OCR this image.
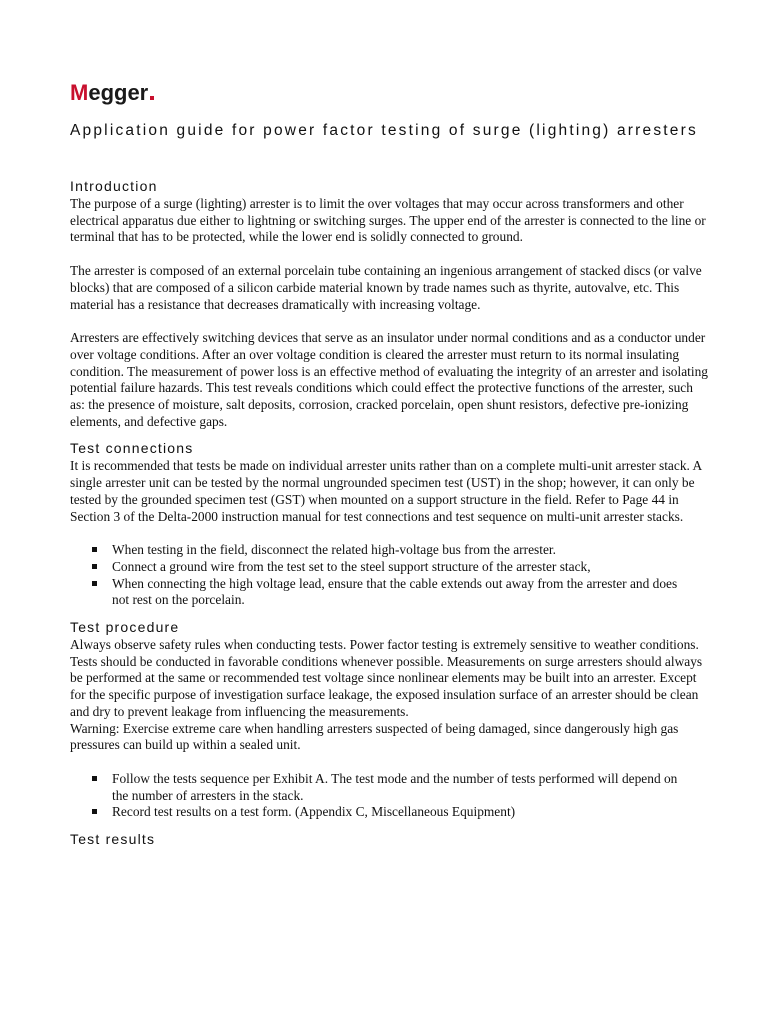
Megger
Application guide for power factor testing of surge (lighting) arresters
Introduction

The purpose of a surge (lighting) arrester is to limit the over voltages that may occur across transformers and other electrical apparatus due either to lightning or switching surges. The upper end of the arrester is connected to the line or terminal that has to be protected, while the lower end is solidly connected to ground.

The arrester is composed of an external porcelain tube containing an ingenious arrangement of stacked discs (or valve blocks) that are composed of a silicon carbide material known by trade names such as thyrite, autovalve, etc. This material has a resistance that decreases dramatically with increasing voltage.

Arresters are effectively switching devices that serve as an insulator under normal conditions and as a conductor under over voltage conditions. After an over voltage condition is cleared the arrester must return to its normal insulating condition. The measurement of power loss is an effective method of evaluating the integrity of an arrester and isolating potential failure hazards. This test reveals conditions which could effect the protective functions of the arrester, such as: the presence of moisture, salt deposits, corrosion, cracked porcelain, open shunt resistors, defective pre-ionizing elements, and defective gaps.

Test connections

It is recommended that tests be made on individual arrester units rather than on a complete multi-unit arrester stack. A single arrester unit can be tested by the normal ungrounded specimen test (UST) in the shop; however, it can only be tested by the grounded specimen test (GST) when mounted on a support structure in the field. Refer to Page 44 in Section 3 of the Delta-2000 instruction manual for test connections and test sequence on multi-unit arrester stacks.

When testing in the field, disconnect the related high-voltage bus from the arrester.
Connect a ground wire from the test set to the steel support structure of the arrester stack,
When connecting the high voltage lead, ensure that the cable extends out away from the arrester and does not rest on the porcelain.
Test procedure

Always observe safety rules when conducting tests. Power factor testing is extremely sensitive to weather conditions. Tests should be conducted in favorable conditions whenever possible. Measurements on surge arresters should always be performed at the same or recommended test voltage since nonlinear elements may be built into an arrester. Except for the specific purpose of investigation surface leakage, the exposed insulation surface of an arrester should be clean and dry to prevent leakage from influencing the measurements.

Warning: Exercise extreme care when handling arresters suspected of being damaged, since dangerously high gas pressures can build up within a sealed unit.

Follow the tests sequence per Exhibit A. The test mode and the number of tests performed will depend on the number of arresters in the stack.
Record test results on a test form. (Appendix C, Miscellaneous Equipment)
Test results
